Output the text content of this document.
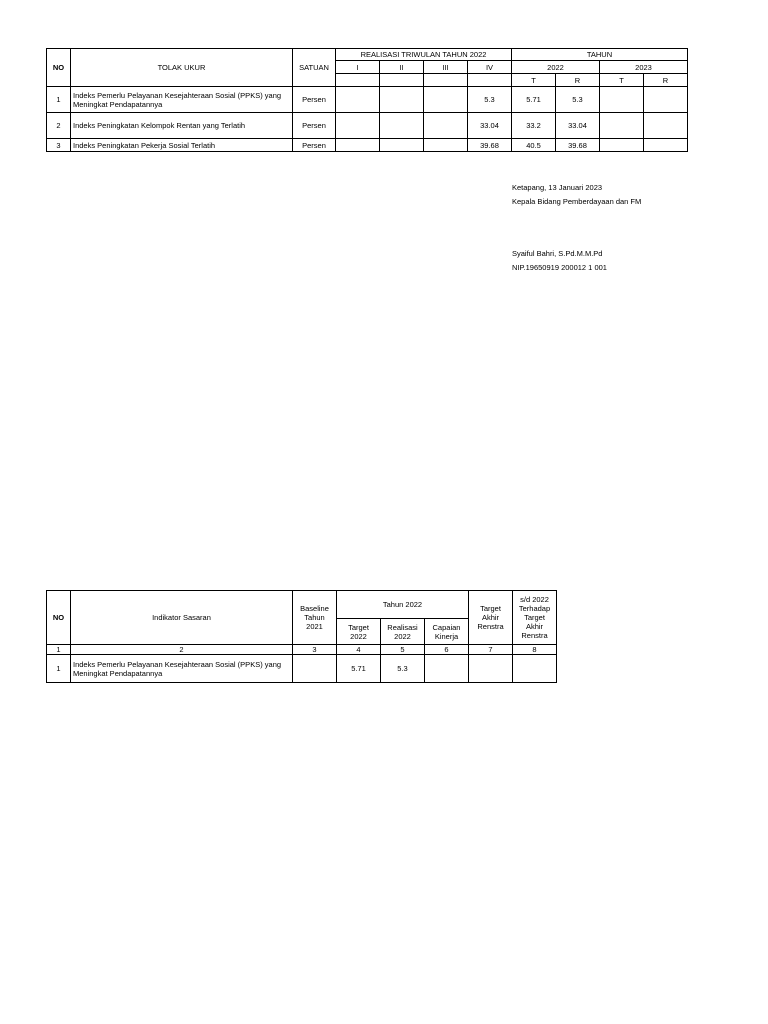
NO	TOLAK UKUR	SATUAN	REALISASI TRIWULAN TAHUN 2022				TAHUN			
			I	II	III	IV	2022		2023	
							T	R	T	R
1	Indeks Pemerlu Pelayanan Kesejahteraan Sosial (PPKS) yang Meningkat Pendapatannya	Persen				5.3	5.71	5.3		
2	Indeks Peningkatan Kelompok Rentan yang Terlatih	Persen				33.04	33.2	33.04		
3	Indeks Peningkatan Pekerja Sosial Terlatih	Persen				39.68	40.5	39.68		
Ketapang, 13 Januari 2023
Kepala Bidang Pemberdayaan dan FM
Syaiful Bahri, S.Pd.M.M.Pd
NIP.19650919 200012 1 001
NO	Indikator Sasaran	Baseline Tahun 2021	Tahun 2022			Target Akhir Renstra	s/d 2022 Terhadap Target Akhir Renstra
			Target 2022	Realisasi 2022	Capaian Kinerja		
1	2	3	4	5	6	7	8
1	Indeks Pemerlu Pelayanan Kesejahteraan Sosial (PPKS) yang Meningkat Pendapatannya		5.71	5.3			
